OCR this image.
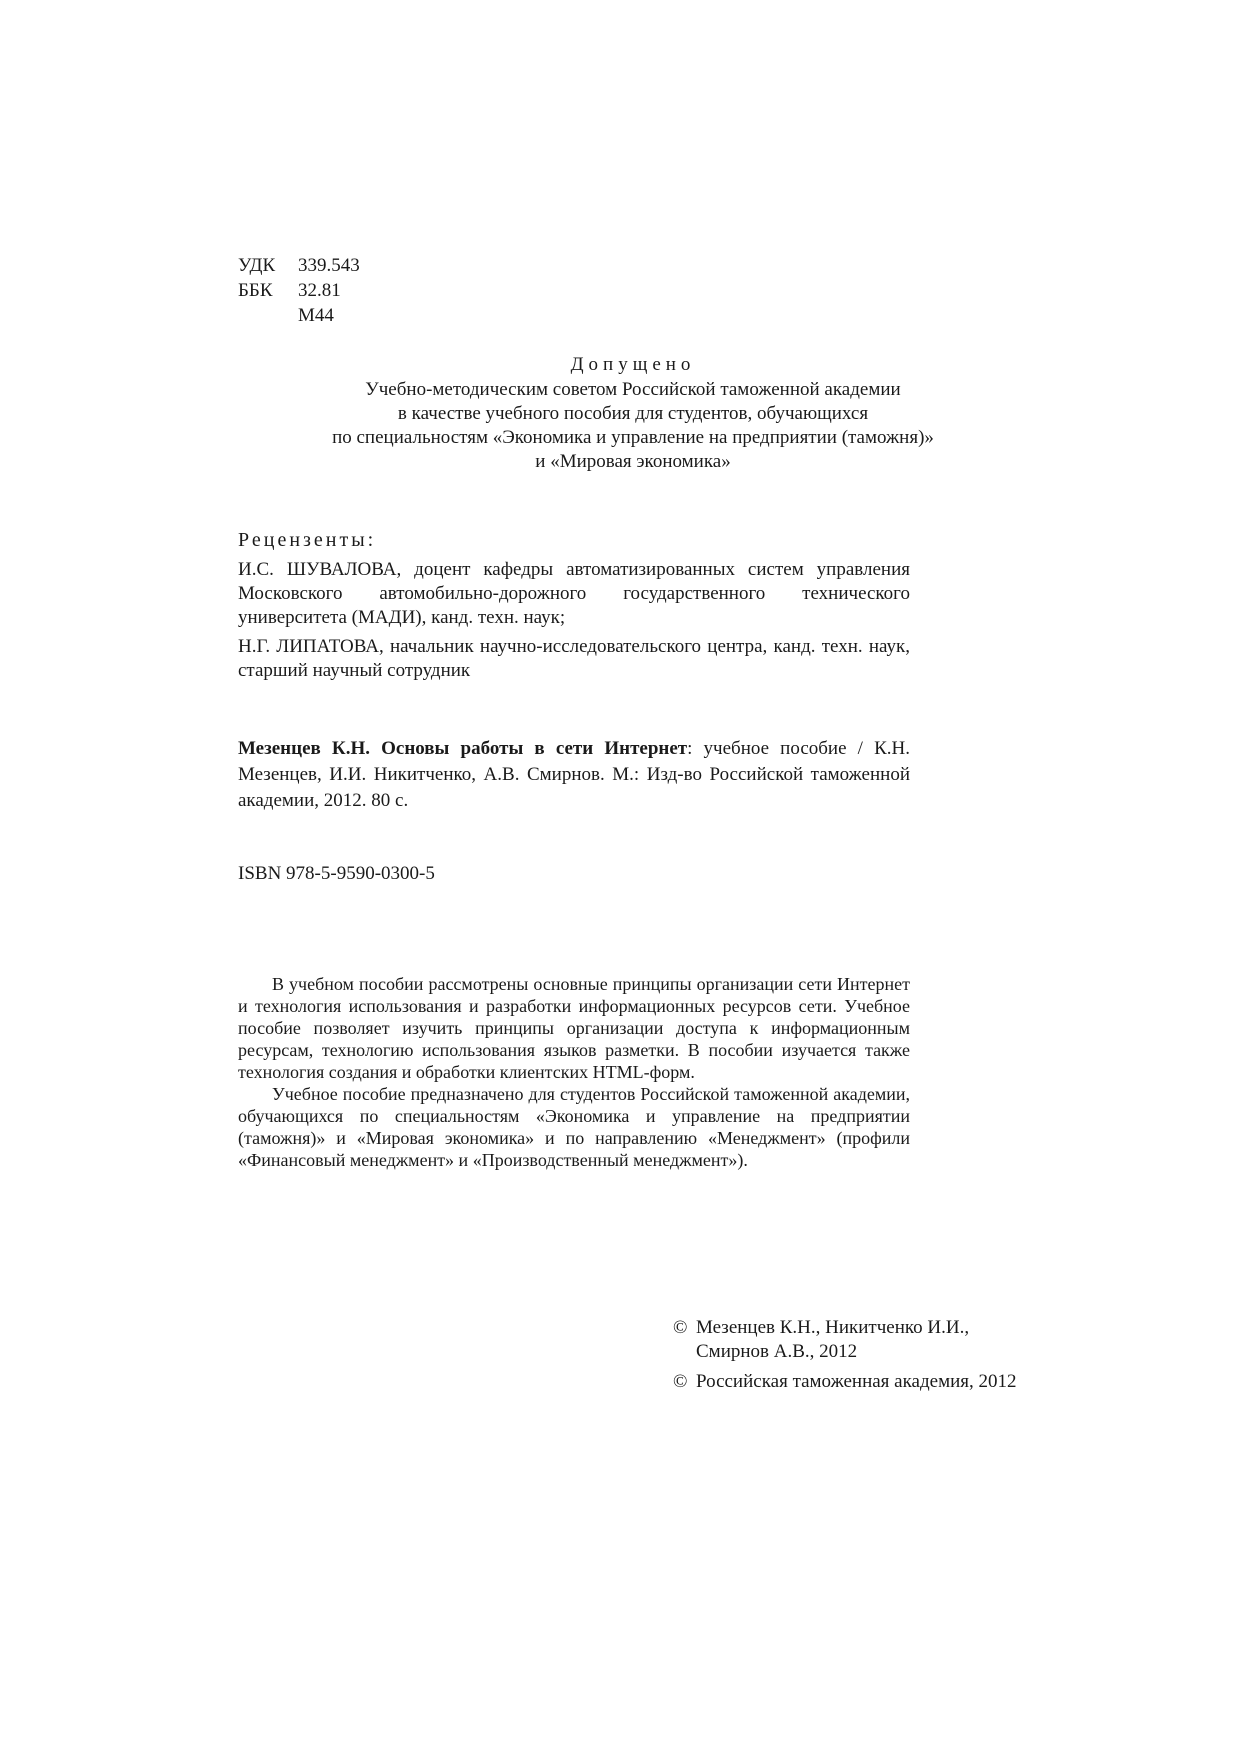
УДК	339.543
ББК	32.81
	М44
Допущено
Учебно-методическим советом Российской таможенной академии
в качестве учебного пособия для студентов, обучающихся
по специальностям «Экономика и управление на предприятии (таможня)»
и «Мировая экономика»
Рецензенты:
И.С. ШУВАЛОВА, доцент кафедры автоматизированных систем управления Московского автомобильно-дорожного государственного технического университета (МАДИ), канд. техн. наук;
Н.Г. ЛИПАТОВА, начальник научно-исследовательского центра, канд. техн. наук, старший научный сотрудник
Мезенцев К.Н. Основы работы в сети Интернет: учебное пособие / К.Н. Мезенцев, И.И. Никитченко, А.В. Смирнов. М.: Изд-во Российской таможенной академии, 2012. 80 с.
ISBN 978-5-9590-0300-5

В учебном пособии рассмотрены основные принципы организации сети Интернет и технология использования и разработки информационных ресурсов сети. Учебное пособие позволяет изучить принципы организации доступа к информационным ресурсам, технологию использования языков разметки. В пособии изучается также технология создания и обработки клиентских HTML-форм.

Учебное пособие предназначено для студентов Российской таможенной академии, обучающихся по специальностям «Экономика и управление на предприятии (таможня)» и «Мировая экономика» и по направлению «Менеджмент» (профили «Финансовый менеджмент» и «Производственный менеджмент»).

© Мезенцев К.Н., Никитченко И.И.,
Смирнов А.В., 2012
© Российская таможенная академия, 2012
